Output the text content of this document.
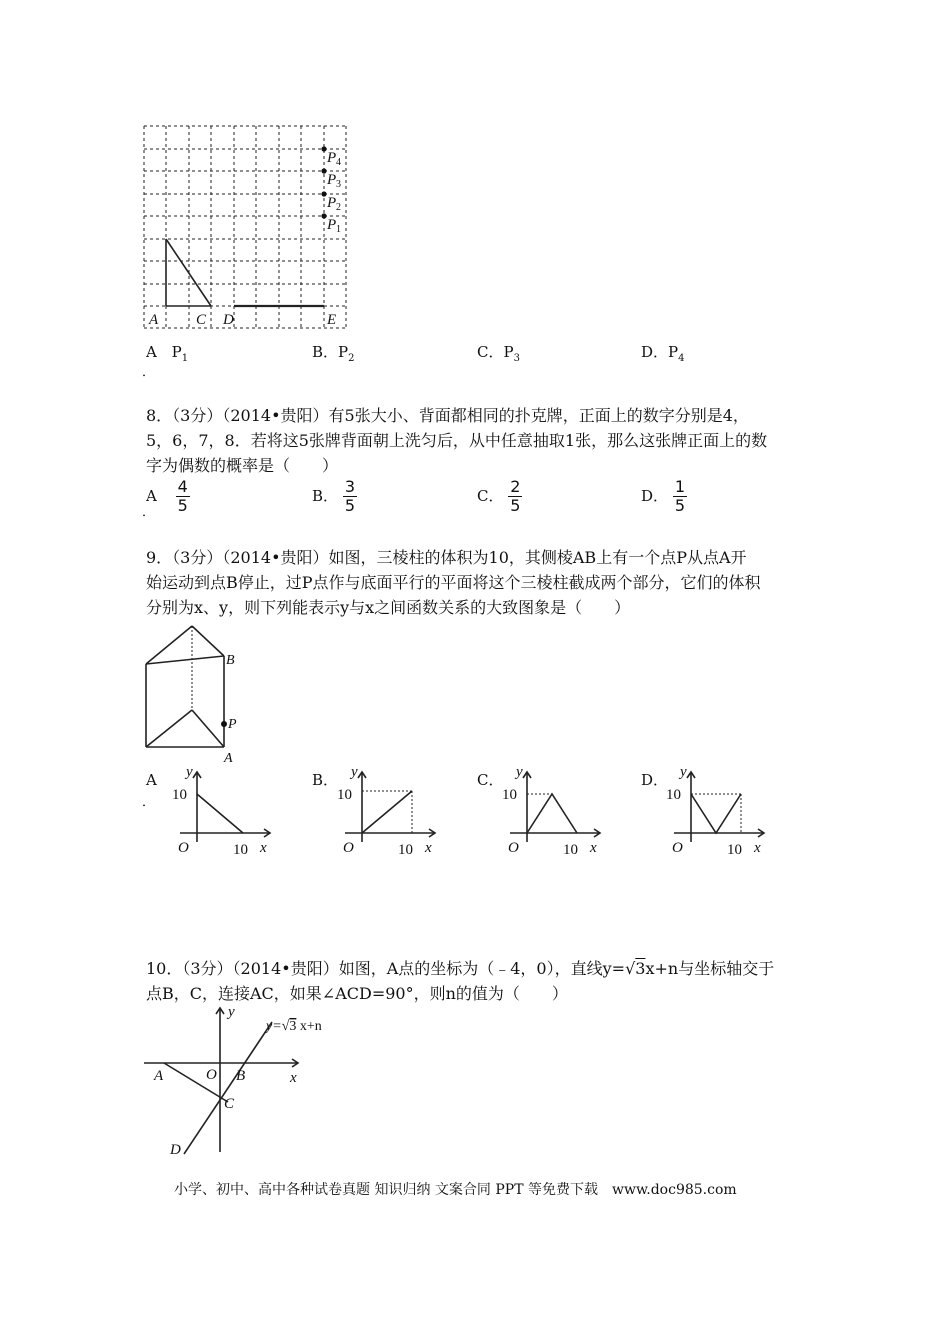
A	C D	E
P
P
P
P
4
3
2
1
A $P_1$
．
B．$P_2$	C．$P_3$	D．$P_4$
8．（3分）（2014•贵阳）有5张大小、背面都相同的扑克牌，正面上的数字分别是4，
5，6，7，8．若将这5张牌背面朝上洗匀后，从中任意抽取1张，那么这张牌正面上的数
字为偶数的概率是（　　）
A $\frac{4}{5}$
．
B． $\frac{3}{5}$	C． $\frac{2}{5}$	D． $\frac{1}{5}$
9．（3分）（2014•贵阳）如图，三棱柱的体积为10，其侧棱AB上有一个点P从点A开
始运动到点B停止，过P点作与底面平行的平面将这个三棱柱截成两个部分，它们的体积
分别为x、y，则下列能表示y与x之间函数关系的大致图象是（　　）
B
P
A
A
．
y
10
O	10 x
B． y
10
O	10 x
C． y
10
O	10 x
D． y
10
O	10 x
10．（3分）（2014•贵阳）如图，A点的坐标为（﹣4，0），直线y=√3x+n与坐标轴交于
点B，C，连接AC，如果∠ACD=90°，则n的值为（　　）
y
x
A	O B
C
D
y=√3 x+n
小学、初中、高中各种试卷真题 知识归纳 文案合同 PPT 等免费下载　www.doc985.com
